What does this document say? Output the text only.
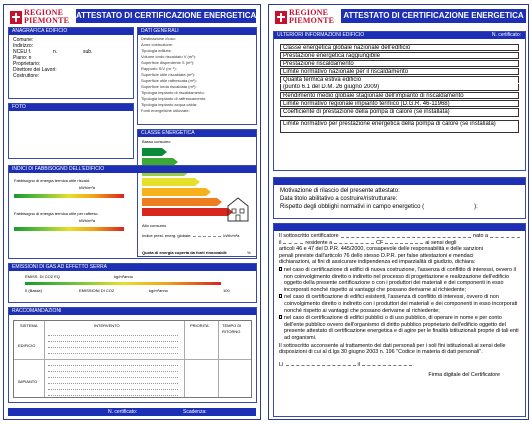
REGIONE
PIEMONTE
ATTESTATO DI CERTIFICAZIONE ENERGETICA
ANAGRAFICA EDIFICIO
Comune:
Indirizzo:
NCEU f.	n.	sub.
Piano: n
Proprietario:
Direttore dei Lavori:
Costruttore:
DATI GENERALI
Destinazione d'uso:
Anno costruzione:
Tipologia edilizia:
Volume lordo riscaldato V (m³):
Superficie disperdente S (m²):
Rapporto S/V (m⁻¹):
Superficie utile riscaldata (m²):
Superficie utile raffrescata (m²):
Superficie lorda riscaldata (m²):
Tipologia impianto di riscaldamento:
Tipologia impianto di raffrescamento:
Tipologia impianto acqua calda:
Fonti energetiche utilizzate:
FOTO
CLASSE ENERGETICA
Basso consumo
Alto consumo
Indice prest. energ. globale:	kWh/m²a
INDICI DI FABBISOGNO DELL'EDIFICIO
Fabbisogno di energia termica utile riscald.
kWh/m²a
Fabbisogno di energia termica utile per raffresc.
kWh/m²a
Quota di energia coperta da fonti rinnovabili:	%
EMISSIONI DI GAS AD EFFETTO SERRA
EMISS. DI CO2 EQ	kg/m²anno
0 (Basse)	EMISSIONI DI CO2	kg/m²anno	100
RACCOMANDAZIONI
SISTEMA	INTERVENTO	PRIORITA'	TEMPO DI RITORNO
EDIFICIO
IMPIANTO
N. certificato:	Scadenza:
REGIONE
PIEMONTE
ATTESTATO DI CERTIFICAZIONE ENERGETICA
ULTERIORI INFORMAZIONI EDIFICIO	N. certificato:
Classe energetica globale nazionale dell'edificio
Prestazione energetica raggiungibile
Prestazione riscaldamento
Limite normativo nazionale per il riscaldamento
Qualità termica estiva edificio
(punto 6.1 del D.M. 26 giugno 2009)
Rendimento medio globale stagionale dell'impianto di riscaldamento
Limite normativo regionale impianto termico (D.G.R. 46-11968)
Coefficiente di prestazione della pompa di calore (se installata)
Limite normativo per prestazione energetica della pompa di calore (se installata)
Motivazione di rilascio del presente attestato:
Data titolo abilitativo a costruire/ristrutturare:
Rispetto degli obblighi normativi in campo energetico (	):
Il sottoscritto certificatore	nato a
il	residente a	CF	ai sensi degli
articoli 46 e 47 del D.P.R. 445/2000, consapevole delle responsabilità e delle sanzioni
penali previste dall'articolo 76 dello stesso D.P.R. per false attestazioni e mendaci
dichiarazioni, ai fini di assicurare indipendenza ed imparzialità di giudizio, dichiara:
nel caso di certificazione di edifici di nuova costruzione, l'assenza di conflitto di interessi, ovvero il non coinvolgimento diretto o indiretto nel processo di progettazione e realizzazione dell'edificio oggetto della presente certificazione o con i produttori dei materiali e dei componenti in esso incorporati nonché rispetto ai vantaggi che possano derivarne al richiedente;
nel caso di certificazione di edifici esistenti, l'assenza di conflitto di interessi, ovvero di non coinvolgimento diretto o indiretto con i produttori dei materiali e dei componenti in esso incorporati nonché rispetto ai vantaggi che possano derivarne al richiedente;
nel caso di certificazione di edifici pubblici o di uso pubblico, di operare in nome e per conto dell'ente pubblico ovvero dell'organismo di diritto pubblico proprietario dell'edificio oggetto del presente attestato di certificazione energetica e di agire per le finalità istituzionali proprie di tali enti ad organismi.
Il sottoscritto acconsente al trattamento dei dati personali per i soli fini istituzionali ai sensi delle disposizioni di cui al d.lgs 30 giugno 2003 n. 196 "Codice in materia di dati personali".
Lì	il
Firma digitale del Certificatore
